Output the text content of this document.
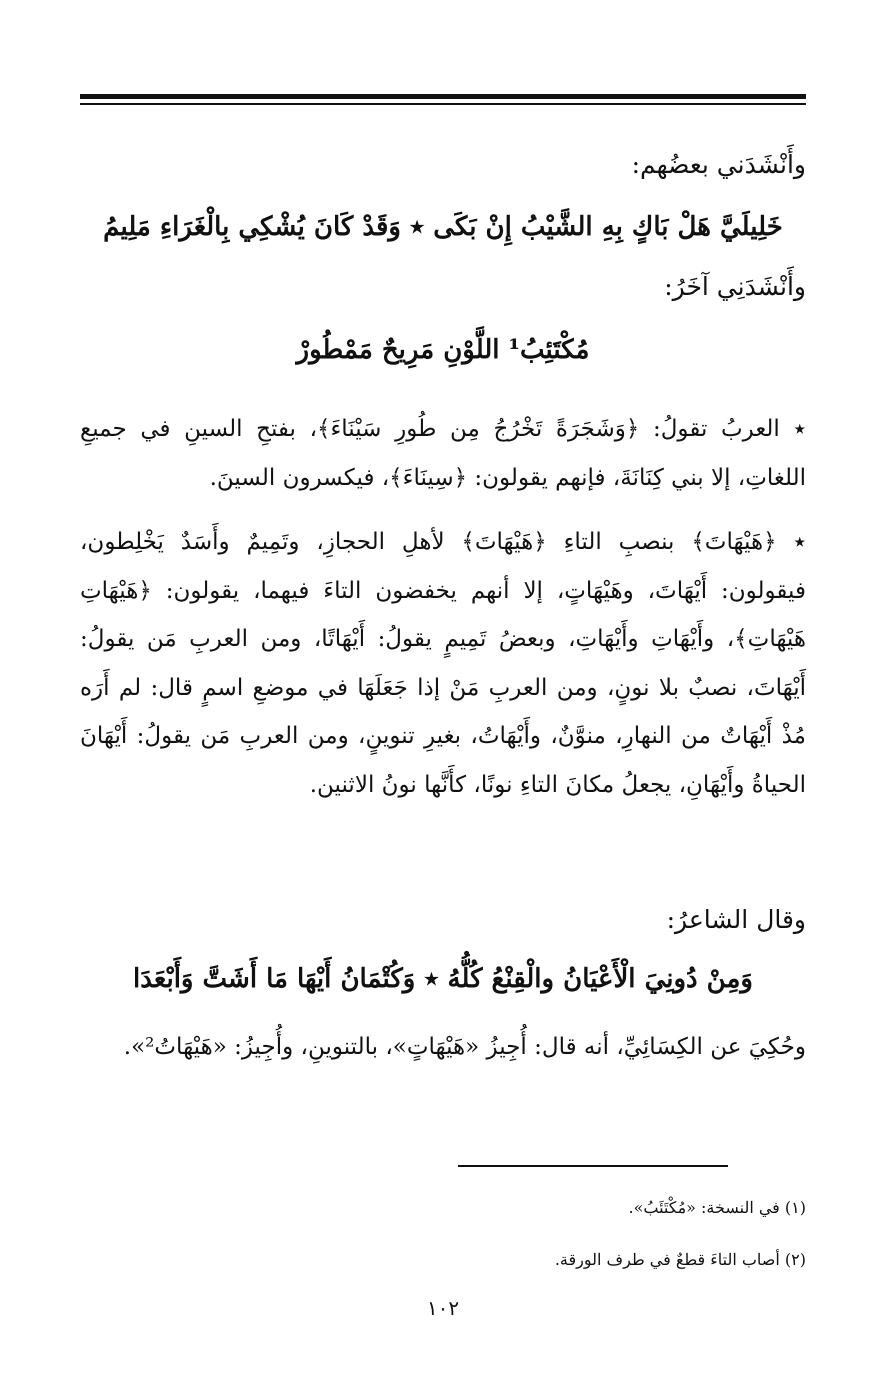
وأَنْشَدَني بعضُهم:
خَلِيلَيَّ هَلْ بَاكٍ بِهِ الشَّيْبُ إِنْ بَكَى ٭ وَقَدْ كَانَ يُشْكِي بِالْغَرَاءِ مَلِيمُ
وأَنْشَدَنِي آخَرُ:
مُكْتَئِبُ¹ اللَّوْنِ مَرِيحٌ مَمْطُورْ
٭ العربُ تقولُ: ﴿وَشَجَرَةً تَخْرُجُ مِن طُورِ سَيْنَاءَ﴾، بفتحِ السينِ في جميعِ اللغاتِ، إلا بني كِنَانَةَ، فإنهم يقولون: ﴿سِينَاءَ﴾، فيكسرون السينَ.
٭ ﴿هَيْهَاتَ﴾ بنصبِ التاءِ ﴿هَيْهَاتَ﴾ لأهلِ الحجازِ، وتَمِيمٌ وأَسَدٌ يَخْلِطون، فيقولون: أَيْهَاتَ، وهَيْهَاتٍ، إلا أنهم يخفضون التاءَ فيهما، يقولون: ﴿هَيْهَاتِ هَيْهَاتِ﴾، وأَيْهَاتِ وأَيْهَاتِ، وبعضُ تَمِيمٍ يقولُ: أَيْهَاتًا، ومن العربِ مَن يقولُ: أَيْهَاتَ، نصبٌ بلا نونٍ، ومن العربِ مَنْ إذا جَعَلَهَا في موضعِ اسمٍ قال: لم أَرَه مُذْ أَيْهَاتٌ من النهارِ، منوَّنٌ، وأَيْهَاتُ، بغيرِ تنوينٍ، ومن العربِ مَن يقولُ: أَيْهَانَ الحياةُ وأَيْهَانِ، يجعلُ مكانَ التاءِ نونًا، كأَنَّها نونُ الاثنين.
وقال الشاعرُ:
وَمِنْ دُونِيَ الْأَعْيَانُ والْقِنْعُ كُلُّهُ ٭ وَكُتْمَانُ أَيْهَا مَا أَشَتَّ وَأَبْعَدَا
وحُكِيَ عن الكِسَائِيِّ، أنه قال: أُجِيزُ «هَيْهَاتٍ»، بالتنوينِ، وأُجِيزُ: «هَيْهَاتُ²».
(١) في النسخة: «مُكْتَئَبُ».
(٢) أصاب التاءَ قطعٌ في طرف الورقة.
١٠٢
